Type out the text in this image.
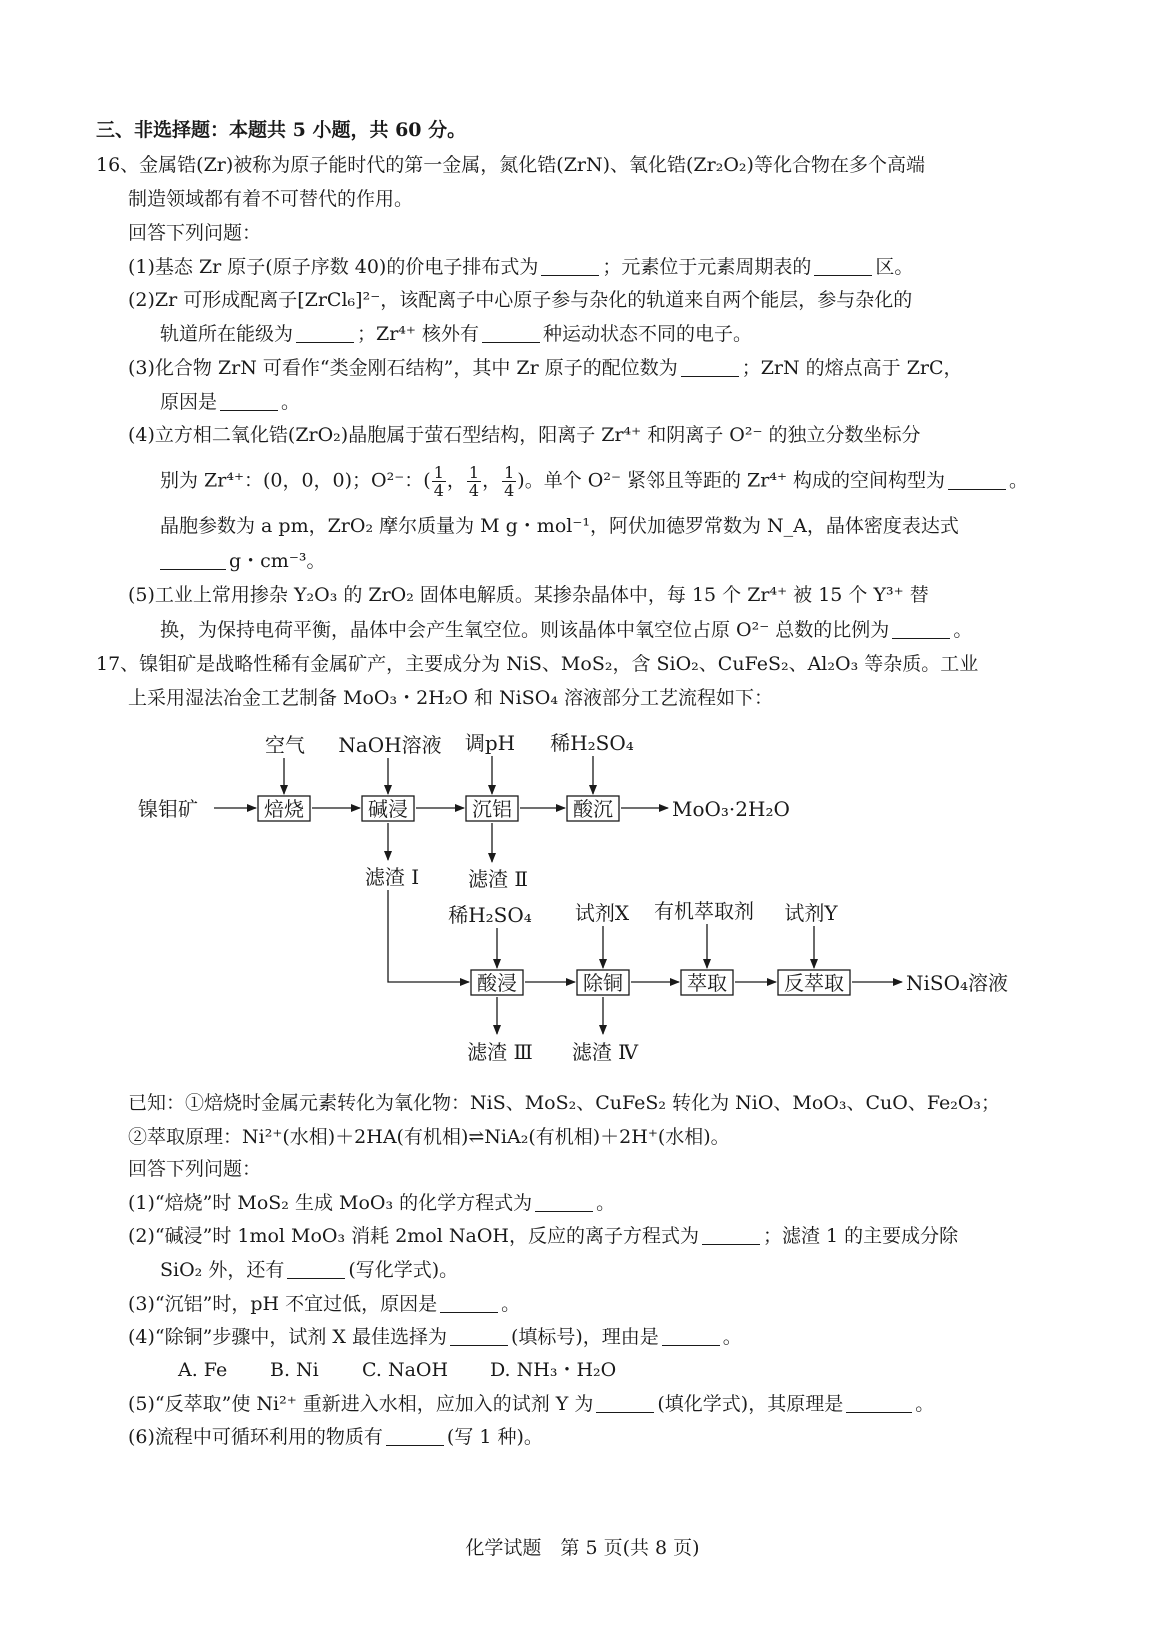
三、非选择题：本题共 5 小题，共 60 分。
16、金属锆(Zr)被称为原子能时代的第一金属，氮化锆(ZrN)、氧化锆(Zr₂O₂)等化合物在多个高端
制造领域都有着不可替代的作用。
回答下列问题：
(1)基态 Zr 原子(原子序数 40)的价电子排布式为	；元素位于元素周期表的	区。
(2)Zr 可形成配离子[ZrCl₆]²⁻，该配离子中心原子参与杂化的轨道来自两个能层，参与杂化的
轨道所在能级为	；Zr⁴⁺ 核外有	种运动状态不同的电子。
(3)化合物 ZrN 可看作“类金刚石结构”，其中 Zr 原子的配位数为	；ZrN 的熔点高于 ZrC，
原因是	。
(4)立方相二氧化锆(ZrO₂)晶胞属于萤石型结构，阳离子 Zr⁴⁺ 和阴离子 O²⁻ 的独立分数坐标分
别为 Zr⁴⁺：(0，0，0)；O²⁻：( $\frac{1}{4}$ ， $\frac{1}{4}$ ， $\frac{1}{4}$ )。单个 O²⁻ 紧邻且等距的 Zr⁴⁺ 构成的空间构型为	。
晶胞参数为 a pm，ZrO₂ 摩尔质量为 M g・mol⁻¹，阿伏加德罗常数为 N_A，晶体密度表达式
g・cm⁻³。
(5)工业上常用掺杂 Y₂O₃ 的 ZrO₂ 固体电解质。某掺杂晶体中，每 15 个 Zr⁴⁺ 被 15 个 Y³⁺ 替
换，为保持电荷平衡，晶体中会产生氧空位。则该晶体中氧空位占原 O²⁻ 总数的比例为	。
17、镍钼矿是战略性稀有金属矿产，主要成分为 NiS、MoS₂，含 SiO₂、CuFeS₂、Al₂O₃ 等杂质。工业
上采用湿法冶金工艺制备 MoO₃・2H₂O 和 NiSO₄ 溶液部分工艺流程如下：
空气 NaOH溶液 调pH 稀H₂SO₄
镍钼矿	MoO₃·2H₂O
焙烧	碱浸	沉铝	酸沉
滤渣 Ⅰ 滤渣 Ⅱ
稀H₂SO₄ 试剂X 有机萃取剂 试剂Y
酸浸	除铜	萃取	反萃取	NiSO₄溶液
滤渣 Ⅲ 滤渣 Ⅳ
已知：①焙烧时金属元素转化为氧化物：NiS、MoS₂、CuFeS₂ 转化为 NiO、MoO₃、CuO、Fe₂O₃；
②萃取原理：Ni²⁺(水相)＋2HA(有机相)⇌NiA₂(有机相)＋2H⁺(水相)。
回答下列问题：
(1)“焙烧”时 MoS₂ 生成 MoO₃ 的化学方程式为	。
(2)“碱浸”时 1mol MoO₃ 消耗 2mol NaOH，反应的离子方程式为	；滤渣 1 的主要成分除
SiO₂ 外，还有	(写化学式)。
(3)“沉铝”时，pH 不宜过低，原因是	。
(4)“除铜”步骤中，试剂 X 最佳选择为	(填标号)，理由是	。
A. Fe B. Ni C. NaOH D. NH₃・H₂O
(5)“反萃取”使 Ni²⁺ 重新进入水相，应加入的试剂 Y 为	(填化学式)，其原理是	。
(6)流程中可循环利用的物质有	(写 1 种)。
化学试题　第 5 页(共 8 页)
